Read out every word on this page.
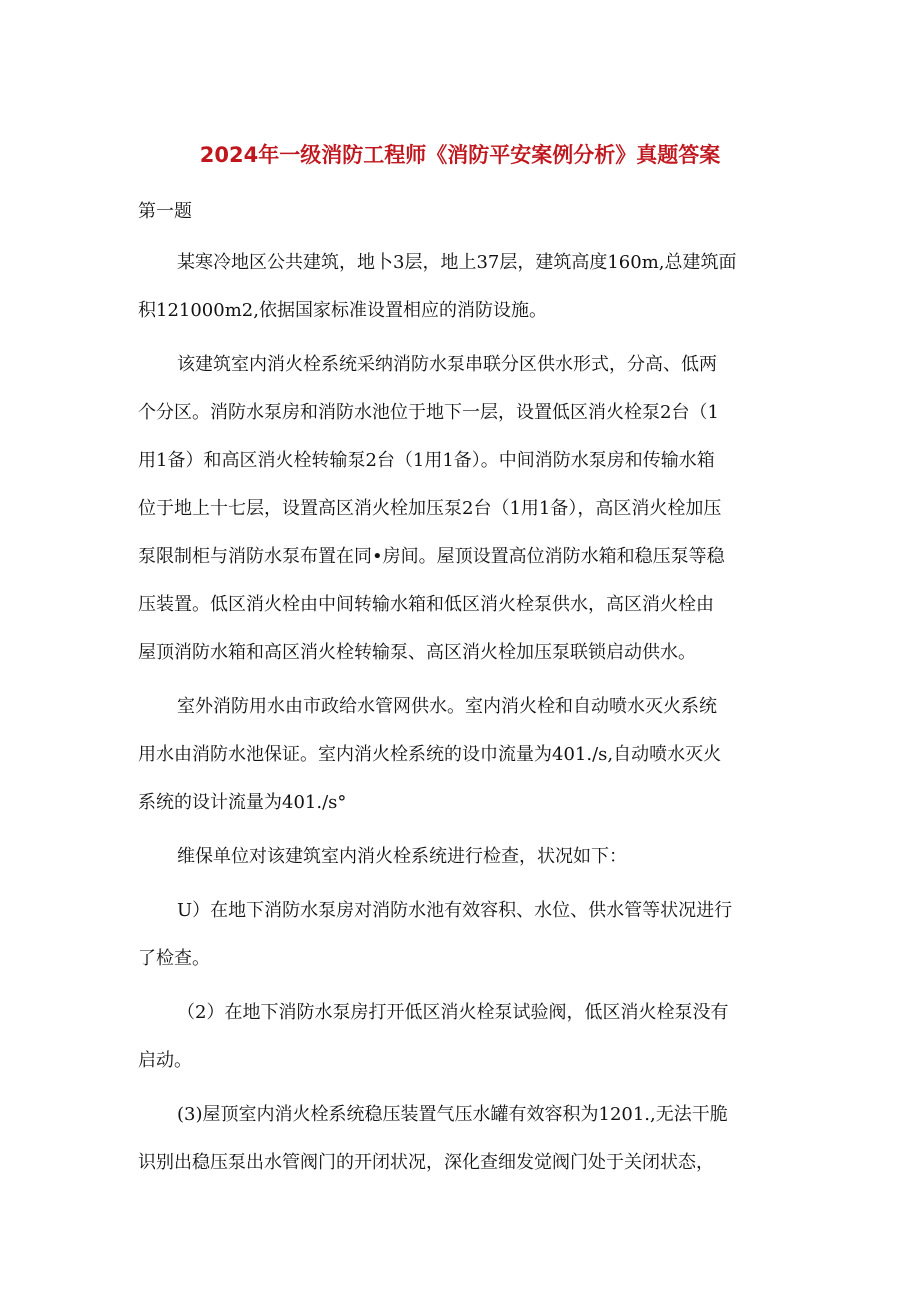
2024年一级消防工程师《消防平安案例分析》真题答案
第一题
某寒冷地区公共建筑，地卜3层，地上37层，建筑高度160m,总建筑面
积121000m2,依据国家标准设置相应的消防设施。
该建筑室内消火栓系统采纳消防水泵串联分区供水形式，分高、低两
个分区。消防水泵房和消防水池位于地下一层，设置低区消火栓泵2台（1
用1备）和高区消火栓转输泵2台（1用1备）。中间消防水泵房和传输水箱
位于地上十七层，设置高区消火栓加压泵2台（1用1备），高区消火栓加压
泵限制柜与消防水泵布置在同•房间。屋顶设置高位消防水箱和稳压泵等稳
压装置。低区消火栓由中间转输水箱和低区消火栓泵供水，高区消火栓由
屋顶消防水箱和高区消火栓转输泵、高区消火栓加压泵联锁启动供水。
室外消防用水由市政给水管网供水。室内消火栓和自动喷水灭火系统
用水由消防水池保证。室内消火栓系统的设巾流量为401./s,自动喷水灭火
系统的设计流量为401./s°
维保单位对该建筑室内消火栓系统进行检查，状况如下：
U）在地下消防水泵房对消防水池有效容积、水位、供水管等状况进行
了检查。
（2）在地下消防水泵房打开低区消火栓泵试验阀，低区消火栓泵没有
启动。
(3)屋顶室内消火栓系统稳压装置气压水罐有效容积为1201.,无法干脆
识别出稳压泵出水管阀门的开闭状况，深化查细发觉阀门处于关闭状态，
